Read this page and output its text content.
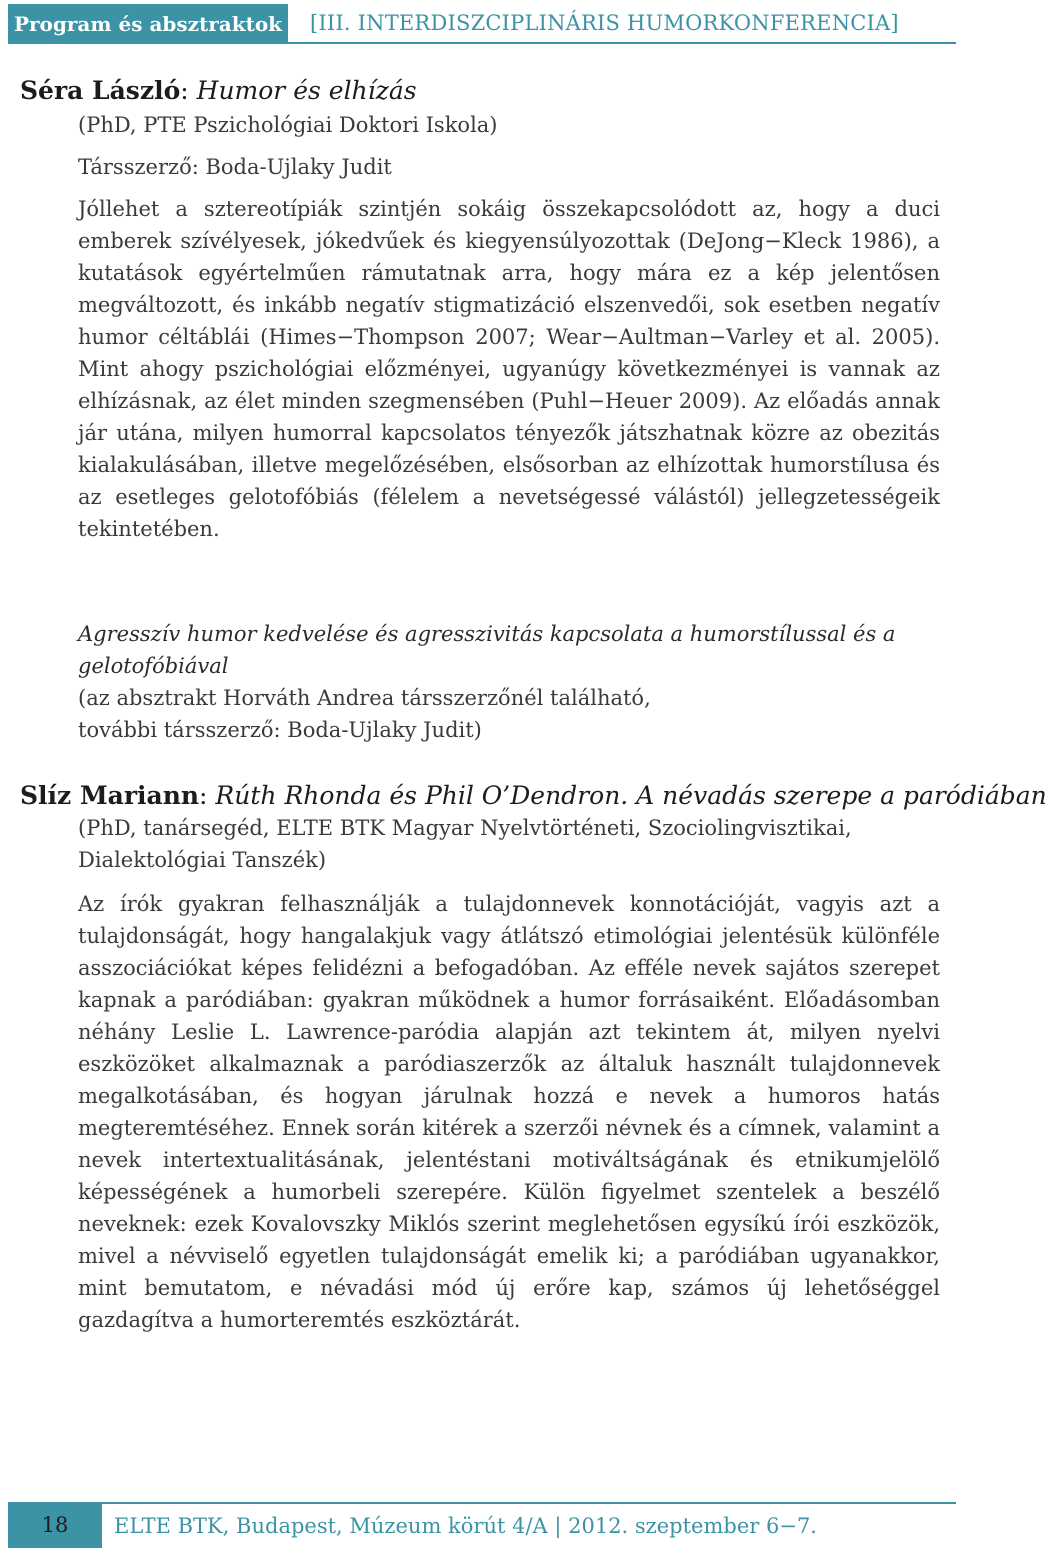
Program és absztraktok	[III. INTERDISZCIPLINÁRIS HUMORKONFERENCIA]
Séra László: Humor és elhízás
(PhD, PTE Pszichológiai Doktori Iskola)
Társszerző: Boda-Ujlaky Judit

Jóllehet a sztereotípiák szintjén sokáig összekapcsolódott az, hogy a duci emberek szívélyesek, jókedvűek és kiegyensúlyozottak (DeJong−Kleck 1986), a kutatások egyértelműen rámutatnak arra, hogy mára ez a kép jelentősen megváltozott, és inkább negatív stigmatizáció elszenvedői, sok esetben negatív humor céltáblái (Himes−Thompson 2007; Wear−Aultman−Varley et al. 2005). Mint ahogy pszichológiai előzményei, ugyanúgy következményei is vannak az elhízásnak, az élet minden szegmensében (Puhl−Heuer 2009). Az előadás annak jár utána, milyen humorral kapcsolatos tényezők játszhatnak közre az obezitás kialakulásában, illetve megelőzésében, elsősorban az elhízottak humorstílusa és az esetleges gelotofóbiás (félelem a nevetségessé válástól) jellegzetességeik tekintetében.

Agresszív humor kedvelése és agresszivitás kapcsolata a humorstílussal és a gelotofóbiával
(az absztrakt Horváth Andrea társszerzőnél található,
további társszerző: Boda-Ujlaky Judit)
Slíz Mariann: Rúth Rhonda és Phil O’Dendron. A névadás szerepe a paródiában
(PhD, tanársegéd, ELTE BTK Magyar Nyelvtörténeti, Szociolingvisztikai, Dialektológiai Tanszék)

Az írók gyakran felhasználják a tulajdonnevek konnotációját, vagyis azt a tulajdonságát, hogy hangalakjuk vagy átlátszó etimológiai jelentésük különféle asszociációkat képes felidézni a befogadóban. Az efféle nevek sajátos szerepet kapnak a paródiában: gyakran működnek a humor forrásaiként. Előadásomban néhány Leslie L. Lawrence-paródia alapján azt tekintem át, milyen nyelvi eszközöket alkalmaznak a paródiaszerzők az általuk használt tulajdonnevek megalkotásában, és hogyan járulnak hozzá e nevek a humoros hatás megteremtéséhez. Ennek során kitérek a szerzői névnek és a címnek, valamint a nevek intertextualitásának, jelentéstani motiváltságának és etnikumjelölő képességének a humorbeli szerepére. Külön figyelmet szentelek a beszélő neveknek: ezek Kovalovszky Miklós szerint meglehetősen egysíkú írói eszközök, mivel a névviselő egyetlen tulajdonságát emelik ki; a paródiában ugyanakkor, mint bemutatom, e névadási mód új erőre kap, számos új lehetőséggel gazdagítva a humorteremtés eszköztárát.

18	ELTE BTK, Budapest, Múzeum körút 4/A | 2012. szeptember 6−7.
